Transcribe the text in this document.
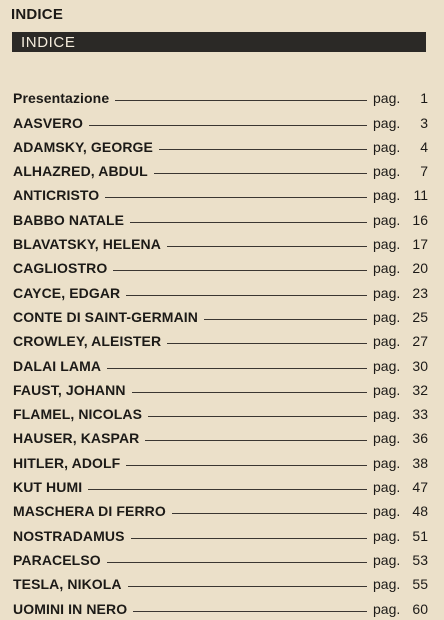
INDICE
INDICE
Presentazione	pag.	1
AASVERO	pag.	3
ADAMSKY, GEORGE	pag.	4
ALHAZRED, ABDUL	pag.	7
ANTICRISTO	pag. 11
BABBO NATALE	pag. 16
BLAVATSKY, HELENA	pag. 17
CAGLIOSTRO	pag. 20
CAYCE, EDGAR	pag. 23
CONTE DI SAINT-GERMAIN	pag. 25
CROWLEY, ALEISTER	pag. 27
DALAI LAMA	pag. 30
FAUST, JOHANN	pag. 32
FLAMEL, NICOLAS	pag. 33
HAUSER, KASPAR	pag. 36
HITLER, ADOLF	pag. 38
KUT HUMI	pag. 47
MASCHERA DI FERRO	pag. 48
NOSTRADAMUS	pag. 51
PARACELSO	pag. 53
TESLA, NIKOLA	pag. 55
UOMINI IN NERO	pag. 60
